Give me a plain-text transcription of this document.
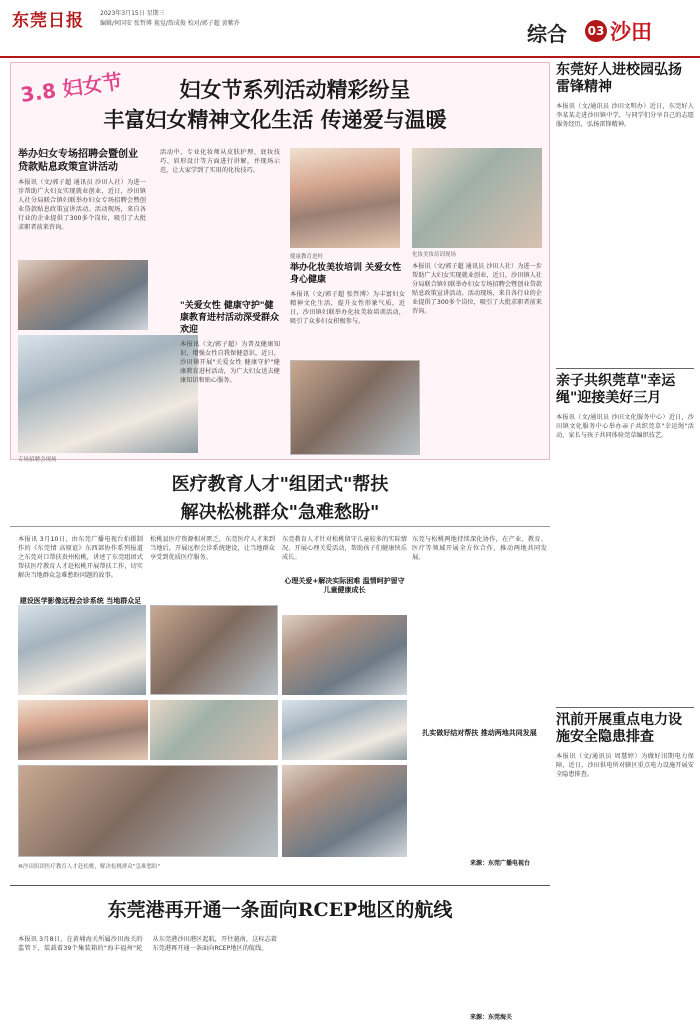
东莞日报	2023年3月15日 星期三
编辑/何国安 张哲博 视觉/詹成俊 校对/郭子超 黄紫乔	综合 03 沙田
3.8 妇女节	妇女节系列活动精彩纷呈
丰富妇女精神文化生活 传递爱与温暖
举办妇女专场招聘会暨创业贷款贴息政策宣讲活动
本报讯（文/郭子超 通讯员 沙田人社）为进一步帮助广大妇女实现就业创业，近日，沙田镇人社分局联合镇妇联举办妇女专场招聘会暨创业贷款贴息政策宣讲活动。活动现场，来自各行业的企业提供了300多个岗位，吸引了大批求职者前来咨询。
活动中，专业化妆师从皮肤护理、底妆技巧、眉形设计等方面进行讲解，并现场示范，让大家学到了实用的化妆技巧。
"关爱女性 健康守护"健康教育进村活动深受群众欢迎
本报讯（文/郭子超）为普及健康知识，增强女性自我保健意识，近日，沙田镇开展"关爱女性 健康守护"健康教育进村活动，为广大妇女送去健康知识和贴心服务。
化妆美妆培训现场
健康教育进村
专场招聘会现场
举办化妆美妆培训 关爱女性身心健康
本报讯（文/郭子超 张哲博）为丰富妇女精神文化生活，提升女性形象气质，近日，沙田镇妇联举办化妆美妆培训活动，吸引了众多妇女积极参与。
本报讯（文/郭子超 通讯员 沙田人社）为进一步帮助广大妇女实现就业创业，近日，沙田镇人社分局联合镇妇联举办妇女专场招聘会暨创业贷款贴息政策宣讲活动。活动现场，来自各行业的企业提供了300多个岗位，吸引了大批求职者前来咨询。
医疗教育人才"组团式"帮扶
解决松桃群众"急难愁盼"
本报讯 3月10日，由东莞广播电视台拍摄制作的《东莞情 高原谊》东西部协作系列报道之东莞对口帮扶贵州松桃，讲述了东莞组团式帮扶医疗教育人才赴松桃开展帮扶工作，切实解决当地群众急难愁盼问题的故事。
建设医学影像远程会诊系统 当地群众足
松桃县医疗资源相对匮乏，东莞医疗人才来到当地后，开展远程会诊系统建设，让当地群众享受到优质医疗服务。
东莞教育人才针对松桃留守儿童较多的实际情况，开展心理关爱活动，帮助孩子们健康快乐成长。
心理关爱+解决实际困难 温情呵护留守儿童健康成长
东莞与松桃两地持续深化协作，在产业、教育、医疗等领域开展全方位合作，推动两地共同发展。
扎实做好结对帮扶 推动两地共同发展
⑩沙田组团医疗教育人才赴松桃，解决松桃群众"急难愁盼"	来源：东莞广播电视台
东莞港再开通一条面向RCEP地区的航线
本报讯 3月8日，在黄埔海关所属沙田海关的监管下，装载着39个集装箱的"海丰福州"轮从东莞港沙田港区起航，开往越南，这标志着东莞港再开通一条面向RCEP地区的航线。
来源：东莞海关
东莞好人进校园弘扬雷锋精神
本报讯（文/通讯员 沙田文明办）近日，东莞好人李某某走进沙田镇中学，与同学们分享自己的志愿服务经历，弘扬雷锋精神。
亲子共织莞草"幸运绳"迎接美好三月
本报讯（文/通讯员 沙田文化服务中心）近日，沙田镇文化服务中心举办亲子共织莞草"幸运绳"活动，家长与孩子共同体验莞草编织技艺。
汛前开展重点电力设施安全隐患排查
本报讯（文/通讯员 周慧婷）为做好汛期电力保障，近日，沙田供电所对辖区重点电力设施开展安全隐患排查。
